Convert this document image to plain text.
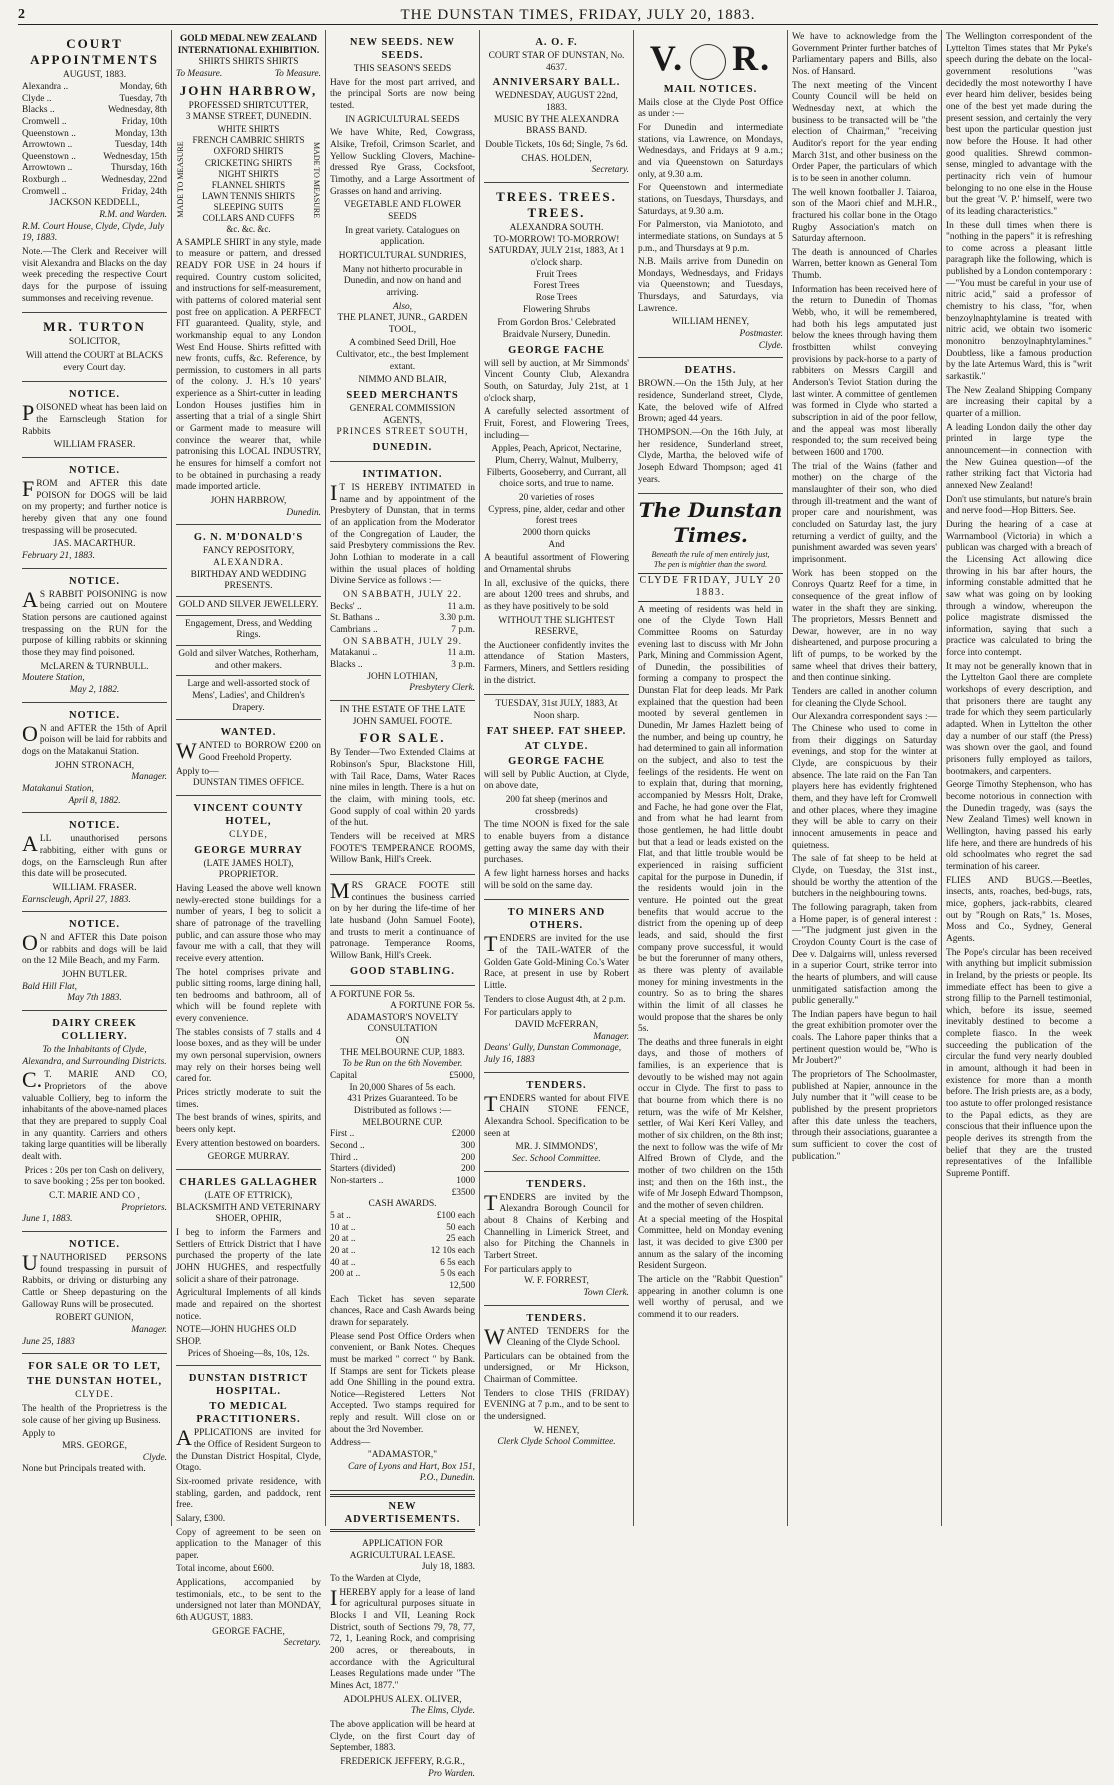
2	THE DUNSTAN TIMES, FRIDAY, JULY 20, 1883.
COURT APPOINTMENTS
AUGUST, 1883.
Alexandra ..	Monday, 6th
Clyde ..	Tuesday, 7th
Blacks ..	Wednesday, 8th
Cromwell ..	Friday, 10th
Queenstown ..	Monday, 13th
Arrowtown ..	Tuesday, 14th
Queenstown ..	Wednesday, 15th
Arrowtown ..	Thursday, 16th
Roxburgh ..	Wednesday, 22nd
Cromwell ..	Friday, 24th
JACKSON KEDDELL,
R.M. and Warden.
R.M. Court House, Clyde, Clyde, July 19, 1883.

Note.—The Clerk and Receiver will visit Alexandra and Blacks on the day week preceding the respective Court days for the purpose of issuing summonses and receiving revenue.

MR. TURTON
SOLICITOR,

Will attend the COURT at BLACKS every Court day.

NOTICE.

POISONED wheat has been laid on the Earnscleugh Station for Rabbits

WILLIAM FRASER.
NOTICE.

FROM and AFTER this date POISON for DOGS will be laid on my property; and further notice is hereby given that any one found trespassing will be prosecuted.

JAS. MACARTHUR.
February 21, 1883.
NOTICE.

AS RABBIT POISONING is now being carried out on Moutere Station persons are cautioned against trespassing on the RUN for the purpose of killing rabbits or skinning those they may find poisoned.

McLAREN & TURNBULL.
Moutere Station,
May 2, 1882.
NOTICE.

ON and AFTER the 15th of April poison will be laid for rabbits and dogs on the Matakanui Station.

JOHN STRONACH,
Manager.
Matakanui Station,
April 8, 1882.
NOTICE.

ALL unauthorised persons rabbiting, either with guns or dogs, on the Earnscleugh Run after this date will be prosecuted.

WILLIAM. FRASER.
Earnscleugh, April 27, 1883.
NOTICE.

ON and AFTER this Date poison or rabbits and dogs will be laid on the 12 Mile Beach, and my Farm.

JOHN BUTLER.
Bald Hill Flat,
May 7th 1883.
DAIRY CREEK COLLIERY.
To the Inhabitants of Clyde, Alexandra, and Surrounding Districts.

C.T. MARIE AND CO, Proprietors of the above valuable Colliery, beg to inform the inhabitants of the above-named places that they are prepared to supply Coal in any quantity. Carriers and others taking large quantities will be liberally dealt with.

Prices : 20s per ton Cash on delivery, to save booking ; 25s per ton booked.

C.T. MARIE AND CO ,
Proprietors.
June 1, 1883.
NOTICE.

UNAUTHORISED PERSONS found trespassing in pursuit of Rabbits, or driving or disturbing any Cattle or Sheep depasturing on the Galloway Runs will be prosecuted.

ROBERT GUNION,
Manager.
June 25, 1883
FOR SALE OR TO LET,
THE DUNSTAN HOTEL,
CLYDE.

The health of the Proprietress is the sole cause of her giving up Business.

Apply to
MRS. GEORGE,
Clyde.
None but Principals treated with.
GOLD MEDAL NEW ZEALAND INTERNATIONAL EXHIBITION.
SHIRTS SHIRTS SHIRTS
To Measure.	To Measure.
JOHN HARBROW,
PROFESSED SHIRTCUTTER,
3 MANSE STREET, DUNEDIN.
MADE TO MEASURE
WHITE SHIRTS
FRENCH CAMBRIC SHIRTS
OXFORD SHIRTS
CRICKETING SHIRTS
NIGHT SHIRTS
FLANNEL SHIRTS
LAWN TENNIS SHIRTS
SLEEPING SUITS
COLLARS AND CUFFS
&c. &c. &c.
MADE TO MEASURE

A SAMPLE SHIRT in any style, made to measure or pattern, and dressed READY FOR USE in 24 hours if required. Country custom solicited, and instructions for self-measurement, with patterns of colored material sent post free on application. A PERFECT FIT guaranteed. Quality, style, and workmanship equal to any London West End House. Shirts refitted with new fronts, cuffs, &c. Reference, by permission, to customers in all parts of the colony. J. H.'s 10 years' experience as a Shirt-cutter in leading London Houses justifies him in asserting that a trial of a single Shirt or Garment made to measure will convince the wearer that, while patronising this LOCAL INDUSTRY, he ensures for himself a comfort not to be obtained in purchasing a ready made imported article.

JOHN HARBROW,
Dunedin.
G. N. M'DONALD'S
FANCY REPOSITORY,
ALEXANDRA.
BIRTHDAY AND WEDDING PRESENTS.
GOLD AND SILVER JEWELLERY.
Engagement, Dress, and Wedding Rings.
Gold and silver Watches, Rotherham, and other makers.
Large and well-assorted stock of Mens', Ladies', and Children's Drapery.
WANTED.

WANTED to BORROW £200 on Good Freehold Property.

Apply to—
DUNSTAN TIMES OFFICE.
VINCENT COUNTY HOTEL,
CLYDE,
GEORGE MURRAY
(LATE JAMES HOLT),
PROPRIETOR.

Having Leased the above well known newly-erected stone buildings for a number of years, I beg to solicit a share of patronage of the travelling public, and can assure those who may favour me with a call, that they will receive every attention.

The hotel comprises private and public sitting rooms, large dining hall, ten bedrooms and bathroom, all of which will be found replete with every convenience.

The stables consists of 7 stalls and 4 loose boxes, and as they will be under my own personal supervision, owners may rely on their horses being well cared for.

Prices strictly moderate to suit the times.

The best brands of wines, spirits, and beers only kept.

Every attention bestowed on boarders.

GEORGE MURRAY.
CHARLES GALLAGHER
(LATE OF ETTRICK),
BLACKSMITH AND VETERINARY SHOER, OPHIR,

I beg to inform the Farmers and Settlers of Ettrick District that I have purchased the property of the late JOHN HUGHES, and respectfully solicit a share of their patronage.

Agricultural Implements of all kinds made and repaired on the shortest notice.

NOTE—JOHN HUGHES OLD SHOP.
Prices of Shoeing—8s, 10s, 12s.
DUNSTAN DISTRICT HOSPITAL.
TO MEDICAL PRACTITIONERS.

APPLICATIONS are invited for the Office of Resident Surgeon to the Dunstan District Hospital, Clyde, Otago.

Six-roomed private residence, with stabling, garden, and paddock, rent free.

Salary, £300.

Copy of agreement to be seen on application to the Manager of this paper.

Total income, about £600.

Applications, accompanied by testimonials, etc., to be sent to the undersigned not later than MONDAY, 6th AUGUST, 1883.

GEORGE FACHE,
Secretary.
NEW SEEDS. NEW SEEDS.
THIS SEASON'S SEEDS

Have for the most part arrived, and the principal Sorts are now being tested.

IN AGRICULTURAL SEEDS

We have White, Red, Cowgrass, Alsike, Trefoil, Crimson Scarlet, and Yellow Suckling Clovers, Machine-dressed Rye Grass, Cocksfoot, Timothy, and a Large Assortment of Grasses on hand and arriving.

VEGETABLE AND FLOWER SEEDS

In great variety. Catalogues on application.

HORTICULTURAL SUNDRIES,

Many not hitherto procurable in Dunedin, and now on hand and arriving.

Also,
THE PLANET, JUNR., GARDEN TOOL,

A combined Seed Drill, Hoe Cultivator, etc., the best Implement extant.

NIMMO AND BLAIR,
SEED MERCHANTS
GENERAL COMMISSION AGENTS,
PRINCES STREET SOUTH,
DUNEDIN.
INTIMATION.

IT IS HEREBY INTIMATED in name and by appointment of the Presbytery of Dunstan, that in terms of an application from the Moderator of the Congregation of Lauder, the said Presbytery commissions the Rev. John Lothian to moderate in a call within the usual places of holding Divine Service as follows :—

ON SABBATH, JULY 22.
Becks' ..	11 a.m.
St. Bathans ..	3.30 p.m.
Cambrians ..	7 p.m.
ON SABBATH, JULY 29.
Matakanui ..	11 a.m.
Blacks ..	3 p.m.
JOHN LOTHIAN,
Presbytery Clerk.
IN THE ESTATE OF THE LATE JOHN SAMUEL FOOTE.
FOR SALE.

By Tender—Two Extended Claims at Robinson's Spur, Blackstone Hill, with Tail Race, Dams, Water Races nine miles in length. There is a hut on the claim, with mining tools, etc. Good supply of coal within 20 yards of the hut.

Tenders will be received at MRS FOOTE'S TEMPERANCE ROOMS, Willow Bank, Hill's Creek.

MRS GRACE FOOTE still continues the business carried on by her during the life-time of her late husband (John Samuel Foote), and trusts to merit a continuance of patronage. Temperance Rooms, Willow Bank, Hill's Creek.

GOOD STABLING.
A FORTUNE FOR 5s.
A FORTUNE FOR 5s.
ADAMASTOR'S NOVELTY CONSULTATION
ON
THE MELBOURNE CUP, 1883.
To be Run on the 6th November.
Capital	£5000,
In 20,000 Shares of 5s each.
431 Prizes Guaranteed. To be Distributed as follows :—
MELBOURNE CUP.
First ..	£2000
Second ..	300
Third ..	200
Starters (divided)	200
Non-starters ..	1000
£3500
CASH AWARDS.
5 at ..	£100 each
10 at ..	50 each
20 at ..	25 each
20 at ..	12 10s each
40 at ..	6 5s each
200 at ..	5 0s each
12,500

Each Ticket has seven separate chances, Race and Cash Awards being drawn for separately.

Please send Post Office Orders when convenient, or Bank Notes. Cheques must be marked " correct " by Bank. If Stamps are sent for Tickets please add One Shilling in the pound extra. Notice—Registered Letters Not Accepted. Two stamps required for reply and result. Will close on or about the 3rd November.

Address—
"ADAMASTOR,"
Care of Lyons and Hart, Box 151, P.O., Dunedin.
NEW ADVERTISEMENTS.
APPLICATION FOR AGRICULTURAL LEASE.
July 18, 1883.
To the Warden at Clyde,

IHEREBY apply for a lease of land for agricultural purposes situate in Blocks I and VII, Leaning Rock District, south of Sections 79, 78, 77, 72, 1, Leaning Rock, and comprising 200 acres, or thereabouts, in accordance with the Agricultural Leases Regulations made under "The Mines Act, 1877."

ADOLPHUS ALEX. OLIVER,
The Elms, Clyde.

The above application will be heard at Clyde, on the first Court day of September, 1883.

FREDERICK JEFFERY, R.G.R.,
Pro Warden.
A. O. F.
COURT STAR OF DUNSTAN, No. 4637.
ANNIVERSARY BALL.
WEDNESDAY, AUGUST 22nd, 1883.
MUSIC BY THE ALEXANDRA BRASS BAND.

Double Tickets, 10s 6d; Single, 7s 6d.

CHAS. HOLDEN,
Secretary.
TREES. TREES. TREES.
ALEXANDRA SOUTH.
TO-MORROW! TO-MORROW! SATURDAY, JULY 21st, 1883, At 1 o'clock sharp.
Fruit Trees
Forest Trees
Rose Trees
Flowering Shrubs

From Gordon Bros.' Celebrated Braidvale Nursery, Dunedin.

GEORGE FACHE

will sell by auction, at Mr Simmonds' Vincent County Club, Alexandra South, on Saturday, July 21st, at 1 o'clock sharp,

A carefully selected assortment of Fruit, Forest, and Flowering Trees, including—

Apples, Peach, Apricot, Nectarine, Plum, Cherry, Walnut, Mulberry, Filberts, Gooseberry, and Currant, all choice sorts, and true to name.

20 varieties of roses
Cypress, pine, alder, cedar and other forest trees
2000 thorn quicks
And

A beautiful assortment of Flowering and Ornamental shrubs

In all, exclusive of the quicks, there are about 1200 trees and shrubs, and as they have positively to be sold

WITHOUT THE SLIGHTEST RESERVE,

the Auctioneer confidently invites the attendance of Station Masters, Farmers, Miners, and Settlers residing in the district.

TUESDAY, 31st JULY, 1883, At Noon sharp.
FAT SHEEP. FAT SHEEP.
AT CLYDE.
GEORGE FACHE

will sell by Public Auction, at Clyde, on above date,

200 fat sheep (merinos and crossbreds)

The time NOON is fixed for the sale to enable buyers from a distance getting away the same day with their purchases.

A few light harness horses and hacks will be sold on the same day.

TO MINERS AND OTHERS.

TENDERS are invited for the use of the TAIL-WATER of the Golden Gate Gold-Mining Co.'s Water Race, at present in use by Robert Little.

Tenders to close August 4th, at 2 p.m.

For particulars apply to
DAVID McFERRAN,
Manager.
Deans' Gully, Dunstan Commonage, July 16, 1883
TENDERS.

TENDERS wanted for about FIVE CHAIN STONE FENCE, Alexandra School. Specification to be seen at

MR. J. SIMMONDS',
Sec. School Committee.
TENDERS.

TENDERS are invited by the Alexandra Borough Council for about 8 Chains of Kerbing and Channelling in Limerick Street, and also for Pitching the Channels in Tarbert Street.

For particulars apply to
W. F. FORREST,
Town Clerk.
TENDERS.

WANTED TENDERS for the Cleaning of the Clyde School.

Particulars can be obtained from the undersigned, or Mr Hickson, Chairman of Committee.

Tenders to close THIS (FRIDAY) EVENING at 7 p.m., and to be sent to the undersigned.

W. HENEY,
Clerk Clyde School Committee.
V. R.
MAIL NOTICES.

Mails close at the Clyde Post Office as under :—

For Dunedin and intermediate stations, via Lawrence, on Mondays, Wednesdays, and Fridays at 9 a.m.; and via Queenstown on Saturdays only, at 9.30 a.m.

For Queenstown and intermediate stations, on Tuesdays, Thursdays, and Saturdays, at 9.30 a.m.

For Palmerston, via Maniototo, and intermediate stations, on Sundays at 5 p.m., and Thursdays at 9 p.m.

N.B. Mails arrive from Dunedin on Mondays, Wednesdays, and Fridays via Queenstown; and Tuesdays, Thursdays, and Saturdays, via Lawrence.

WILLIAM HENEY,
Postmaster.
Clyde.
DEATHS.

BROWN.—On the 15th July, at her residence, Sunderland street, Clyde, Kate, the beloved wife of Alfred Brown; aged 44 years.

THOMPSON.—On the 16th July, at her residence, Sunderland street, Clyde, Martha, the beloved wife of Joseph Edward Thompson; aged 41 years.

The Dunstan Times.
Beneath the rule of men entirely just,
The pen is mightier than the sword.
CLYDE FRIDAY, JULY 20 1883.

A meeting of residents was held in one of the Clyde Town Hall Committee Rooms on Saturday evening last to discuss with Mr John Park, Mining and Commission Agent, of Dunedin, the possibilities of forming a company to prospect the Dunstan Flat for deep leads. Mr Park explained that the question had been mooted by several gentlemen in Dunedin, Mr James Hazlett being of the number, and being up country, he had determined to gain all information on the subject, and also to test the feelings of the residents. He went on to explain that, during that morning, accompanied by Messrs Holt, Drake, and Fache, he had gone over the Flat, and from what he had learnt from those gentlemen, he had little doubt but that a lead or leads existed on the Flat, and that little trouble would be experienced in raising sufficient capital for the purpose in Dunedin, if the residents would join in the venture. He pointed out the great benefits that would accrue to the district from the opening up of deep leads, and said, should the first company prove successful, it would be but the forerunner of many others, as there was plenty of available money for mining investments in the country. So as to bring the shares within the limit of all classes he would propose that the shares be only 5s.

The deaths and three funerals in eight days, and those of mothers of families, is an experience that is devoutly to be wished may not again occur in Clyde. The first to pass to that bourne from which there is no return, was the wife of Mr Kelsher, settler, of Wai Kerí Kerí Valley, and mother of six children, on the 8th inst; the next to follow was the wife of Mr Alfred Brown of Clyde, and the mother of two children on the 15th inst; and then on the 16th inst., the wife of Mr Joseph Edward Thompson, and the mother of seven children.

At a special meeting of the Hospital Committee, held on Monday evening last, it was decided to give £300 per annum as the salary of the incoming Resident Surgeon.

The article on the "Rabbit Question" appearing in another column is one well worthy of perusal, and we commend it to our readers.

We have to acknowledge from the Government Printer further batches of Parliamentary papers and Bills, also Nos. of Hansard.

The next meeting of the Vincent County Council will be held on Wednesday next, at which the business to be transacted will be "the election of Chairman," "receiving Auditor's report for the year ending March 31st, and other business on the Order Paper, the particulars of which is to be seen in another column.

The well known footballer J. Taiaroa, son of the Maori chief and M.H.R., fractured his collar bone in the Otago Rugby Association's match on Saturday afternoon.

The death is announced of Charles Warren, better known as General Tom Thumb.

Information has been received here of the return to Dunedin of Thomas Webb, who, it will be remembered, had both his legs amputated just below the knees through having them frostbitten whilst conveying provisions by pack-horse to a party of rabbiters on Messrs Cargill and Anderson's Teviot Station during the last winter. A committee of gentlemen was formed in Clyde who started a subscription in aid of the poor fellow, and the appeal was most liberally responded to; the sum received being between 1600 and 1700.

The trial of the Wains (father and mother) on the charge of the manslaughter of their son, who died through ill-treatment and the want of proper care and nourishment, was concluded on Saturday last, the jury returning a verdict of guilty, and the punishment awarded was seven years' imprisonment.

Work has been stopped on the Conroys Quartz Reef for a time, in consequence of the great inflow of water in the shaft they are sinking. The proprietors, Messrs Bennett and Dewar, however, are in no way disheartened, and purpose procuring a lift of pumps, to be worked by the same wheel that drives their battery, and then continue sinking.

Tenders are called in another column for cleaning the Clyde School.

Our Alexandra correspondent says :—The Chinese who used to come in from their diggings on Saturday evenings, and stop for the winter at Clyde, are conspicuous by their absence. The late raid on the Fan Tan players here has evidently frightened them, and they have left for Cromwell and other places, where they imagine they will be able to carry on their innocent amusements in peace and quietness.

The sale of fat sheep to be held at Clyde, on Tuesday, the 31st inst., should be worthy the attention of the butchers in the neighbouring towns.

The following paragraph, taken from a Home paper, is of general interest :—"The judgment just given in the Croydon County Court is the case of Dee v. Dalgairns will, unless reversed in a superior Court, strike terror into the hearts of plumbers, and will cause unmitigated satisfaction among the public generally."

The Indian papers have begun to hail the great exhibition promoter over the coals. The Lahore paper thinks that a pertinent question would be, "Who is Mr Joubert?"

The proprietors of The Schoolmaster, published at Napier, announce in the July number that it "will cease to be published by the present proprietors after this date unless the teachers, through their associations, guarantee a sum sufficient to cover the cost of publication."

The Wellington correspondent of the Lyttelton Times states that Mr Pyke's speech during the debate on the local-government resolutions "was decidedly the most noteworthy I have ever heard him deliver, besides being one of the best yet made during the present session, and certainly the very best upon the particular question just now before the House. It had other good qualities. Shrewd common-sense, mingled to advantage with the pertinacity rich vein of humour belonging to no one else in the House but the great 'V. P.' himself, were two of its leading characteristics."

In these dull times when there is "nothing in the papers" it is refreshing to come across a pleasant little paragraph like the following, which is published by a London contemporary :—"You must be careful in your use of nitric acid," said a professor of chemistry to his class, "for, when benzoylnaphtylamine is treated with nitric acid, we obtain two isomeric mononitro benzoylnaphtylamines." Doubtless, like a famous production by the late Artemus Ward, this is "writ sarkastik."

The New Zealand Shipping Company are increasing their capital by a quarter of a million.

A leading London daily the other day printed in large type the announcement—in connection with the New Guinea question—of the rather striking fact that Victoria had annexed New Zealand!

Don't use stimulants, but nature's brain and nerve food—Hop Bitters. See.

During the hearing of a case at Warrnambool (Victoria) in which a publican was charged with a breach of the Licensing Act allowing dice throwing in his bar after hours, the informing constable admitted that he saw what was going on by looking through a window, whereupon the police magistrate dismissed the information, saying that such a practice was calculated to bring the force into contempt.

It may not be generally known that in the Lyttelton Gaol there are complete workshops of every description, and that prisoners there are taught any trade for which they seem particularly adapted. When in Lyttelton the other day a number of our staff (the Press) was shown over the gaol, and found prisoners fully employed as tailors, bootmakers, and carpenters.

George Timothy Stephenson, who has become notorious in connection with the Dunedin tragedy, was (says the New Zealand Times) well known in Wellington, having passed his early life here, and there are hundreds of his old schoolmates who regret the sad termination of his career.

FLIES AND BUGS.—Beetles, insects, ants, roaches, bed-bugs, rats, mice, gophers, jack-rabbits, cleared out by "Rough on Rats," 1s. Moses, Moss and Co., Sydney, General Agents.

The Pope's circular has been received with anything but implicit submission in Ireland, by the priests or people. Its immediate effect has been to give a strong fillip to the Parnell testimonial, which, before its issue, seemed inevitably destined to become a complete fiasco. In the week succeeding the publication of the circular the fund very nearly doubled in amount, although it had been in existence for more than a month before. The Irish priests are, as a body, too astute to offer prolonged resistance to the Papal edicts, as they are conscious that their influence upon the people derives its strength from the belief that they are the trusted representatives of the Infallible Supreme Pontiff.
